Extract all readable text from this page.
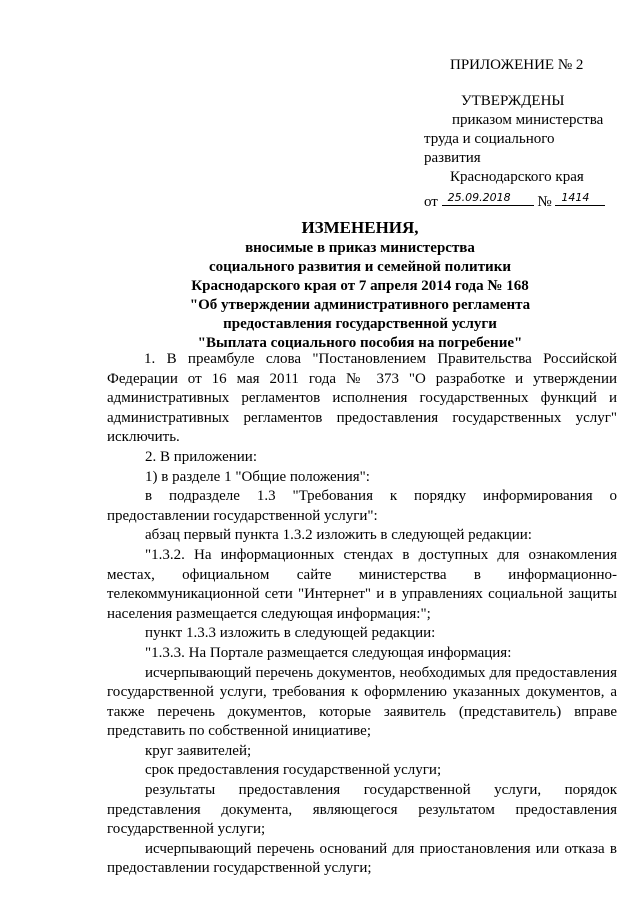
ПРИЛОЖЕНИЕ № 2
УТВЕРЖДЕНЫ
приказом министерства
труда и социального развития
Краснодарского края
от 25.09.2018 № 1414
ИЗМЕНЕНИЯ,
вносимые в приказ министерства
социального развития и семейной политики
Краснодарского края от 7 апреля 2014 года № 168
"Об утверждении административного регламента
предоставления государственной услуги
"Выплата социального пособия на погребение"

1. В преамбуле слова "Постановлением Правительства Российской Федерации от 16 мая 2011 года № 373 "О разработке и утверждении административных регламентов исполнения государственных функций и административных регламентов предоставления государственных услуг" исключить.

2. В приложении:

1) в разделе 1 "Общие положения":

в подразделе 1.3 "Требования к порядку информирования о предоставлении государственной услуги":

абзац первый пункта 1.3.2 изложить в следующей редакции:

"1.3.2. На информационных стендах в доступных для ознакомления местах, официальном сайте министерства в информационно-телекоммуникационной сети "Интернет" и в управлениях социальной защиты населения размещается следующая информация:";

пункт 1.3.3 изложить в следующей редакции:

"1.3.3. На Портале размещается следующая информация:

исчерпывающий перечень документов, необходимых для предоставления государственной услуги, требования к оформлению указанных документов, а также перечень документов, которые заявитель (представитель) вправе представить по собственной инициативе;

круг заявителей;

срок предоставления государственной услуги;

результаты предоставления государственной услуги, порядок представления документа, являющегося результатом предоставления государственной услуги;

исчерпывающий перечень оснований для приостановления или отказа в предоставлении государственной услуги;
